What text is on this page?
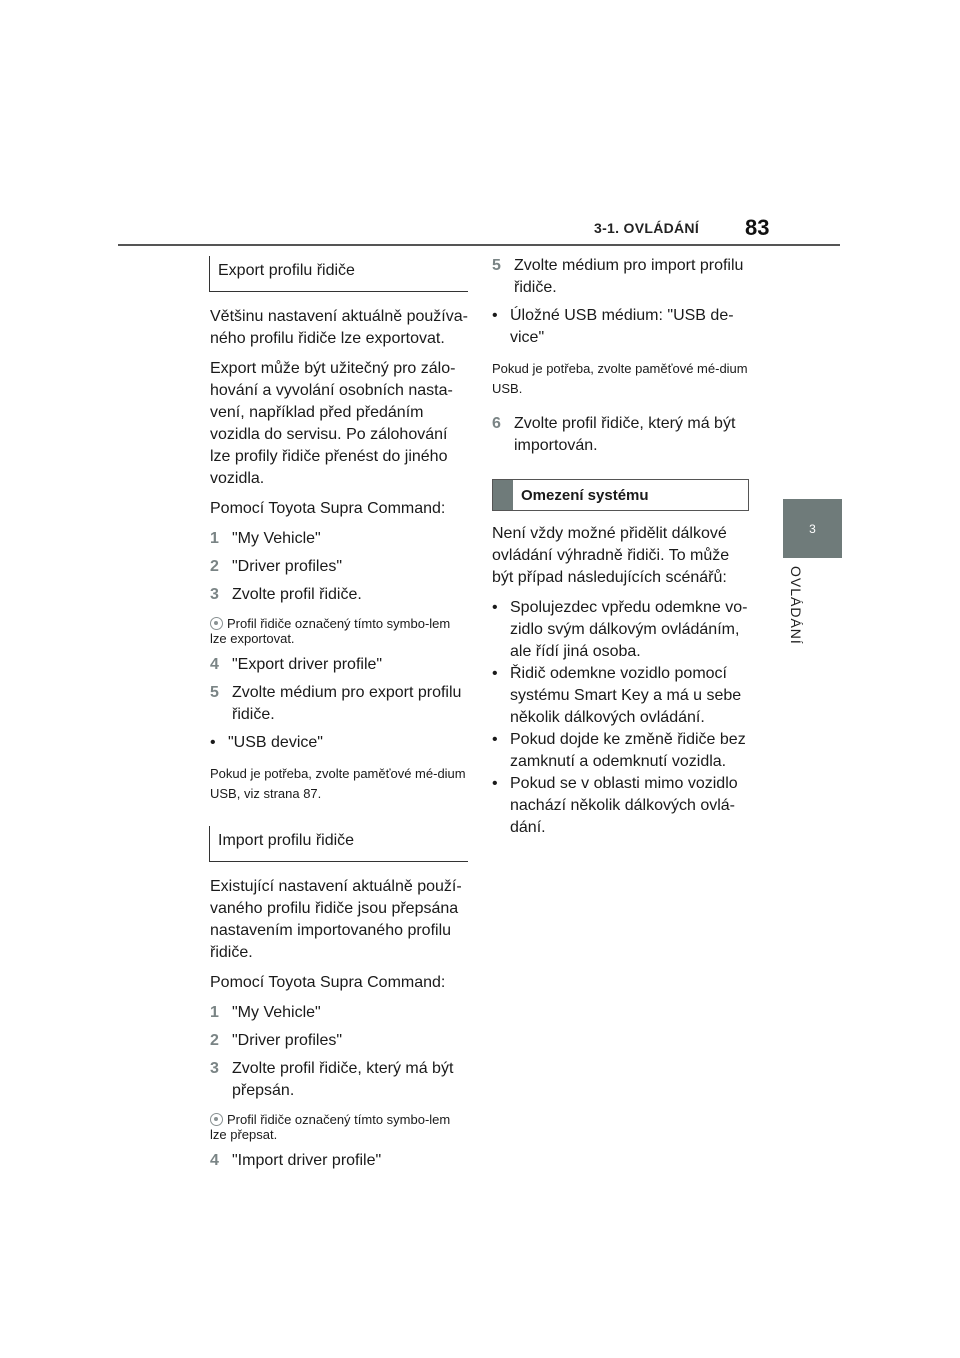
3-1. OVLÁDÁNÍ 83
3
OVLÁDÁNÍ
Export profilu řidiče

Většinu nastavení aktuálně používa-ného profilu řidiče lze exportovat.

Export může být užitečný pro zálo-hování a vyvolání osobních nasta-vení, například před předáním vozidla do servisu. Po zálohování lze profily řidiče přenést do jiného vozidla.

Pomocí Toyota Supra Command:

1 "My Vehicle"
2 "Driver profiles"
3 Zvolte profil řidiče.

Profil řidiče označený tímto symbo-lem lze exportovat.

4 "Export driver profile"
5 Zvolte médium pro export profilu řidiče.
• "USB device"

Pokud je potřeba, zvolte paměťové mé-dium USB, viz strana 87.

Import profilu řidiče

Existující nastavení aktuálně použí-vaného profilu řidiče jsou přepsána nastavením importovaného profilu řidiče.

Pomocí Toyota Supra Command:

1 "My Vehicle"
2 "Driver profiles"
3 Zvolte profil řidiče, který má být přepsán.

Profil řidiče označený tímto symbo-lem lze přepsat.

4 "Import driver profile"
5 Zvolte médium pro import profilu řidiče.
• Úložné USB médium: "USB de-vice"

Pokud je potřeba, zvolte paměťové mé-dium USB.

6 Zvolte profil řidiče, který má být importován.
Omezení systému

Není vždy možné přidělit dálkové ovládání výhradně řidiči. To může být případ následujících scénářů:

• Spolujezdec vpředu odemkne vo-zidlo svým dálkovým ovládáním, ale řídí jiná osoba.
• Řidič odemkne vozidlo pomocí systému Smart Key a má u sebe několik dálkových ovládání.
• Pokud dojde ke změně řidiče bez zamknutí a odemknutí vozidla.
• Pokud se v oblasti mimo vozidlo nachází několik dálkových ovlá-dání.
